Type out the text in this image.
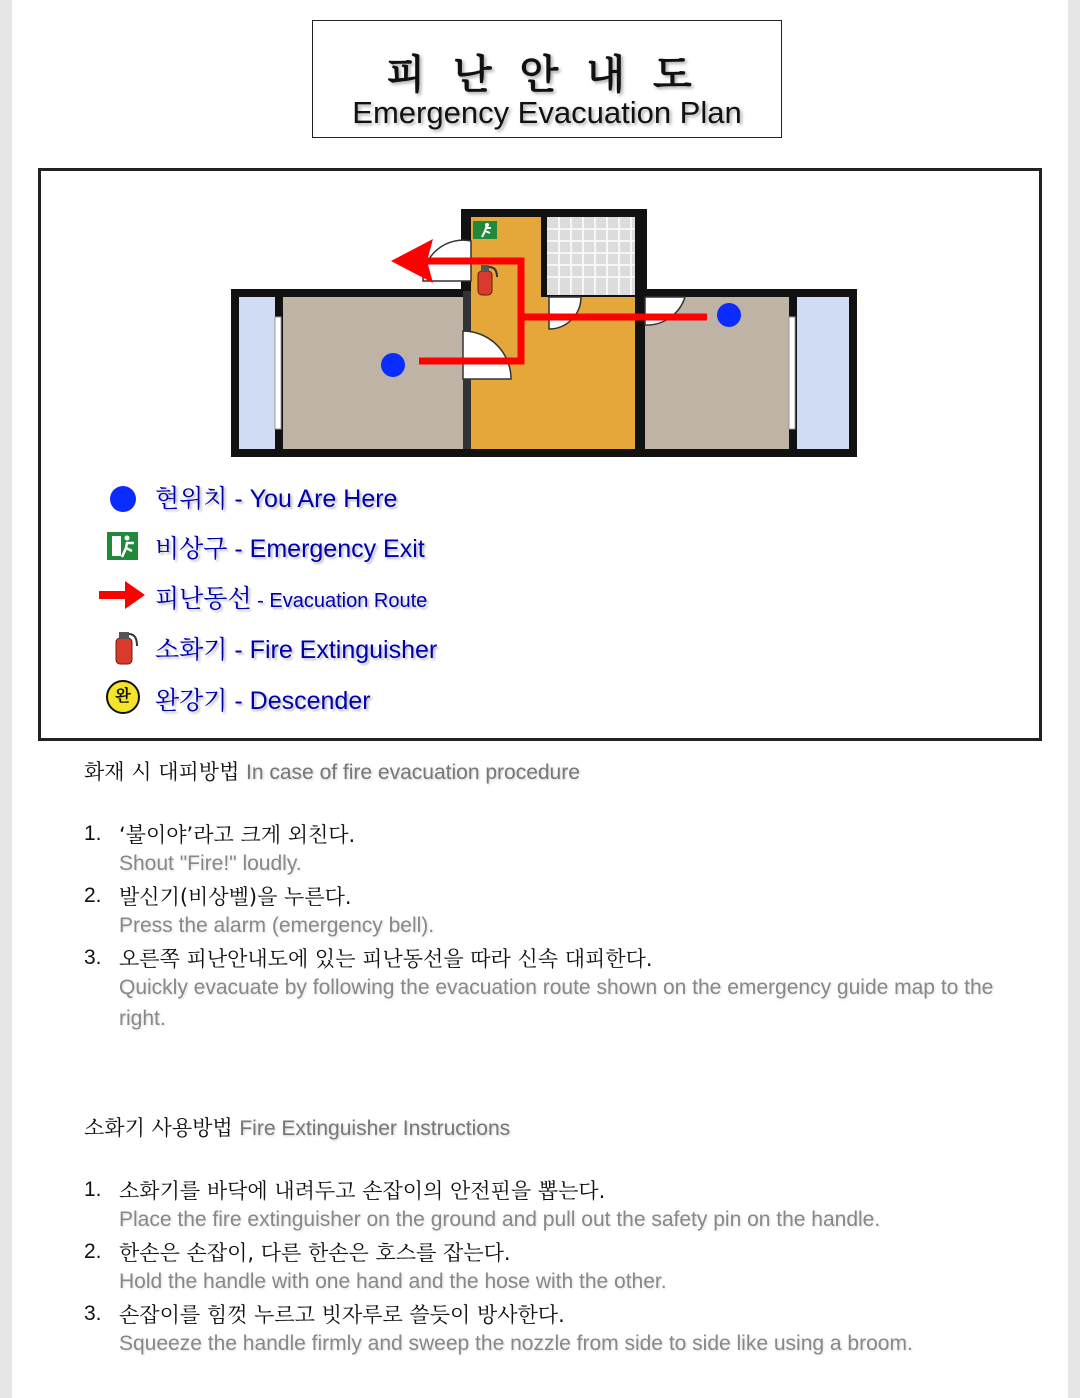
피난안내도
Emergency Evacuation Plan
완
현위치 - You Are Here
비상구 - Emergency Exit
피난동선 - Evacuation Route
소화기 - Fire Extinguisher
완강기 - Descender
화재 시 대피방법 In case of fire evacuation procedure
1. ‘불이야’라고 크게 외친다.
Shout "Fire!" loudly.
2. 발신기(비상벨)을 누른다.
Press the alarm (emergency bell).
3. 오른쪽 피난안내도에 있는 피난동선을 따라 신속 대피한다.
Quickly evacuate by following the evacuation route shown on the emergency guide map to the right.
소화기 사용방법 Fire Extinguisher Instructions
1. 소화기를 바닥에 내려두고 손잡이의 안전핀을 뽑는다.
Place the fire extinguisher on the ground and pull out the safety pin on the handle.
2. 한손은 손잡이, 다른 한손은 호스를 잡는다.
Hold the handle with one hand and the hose with the other.
3. 손잡이를 힘껏 누르고 빗자루로 쓸듯이 방사한다.
Squeeze the handle firmly and sweep the nozzle from side to side like using a broom.
